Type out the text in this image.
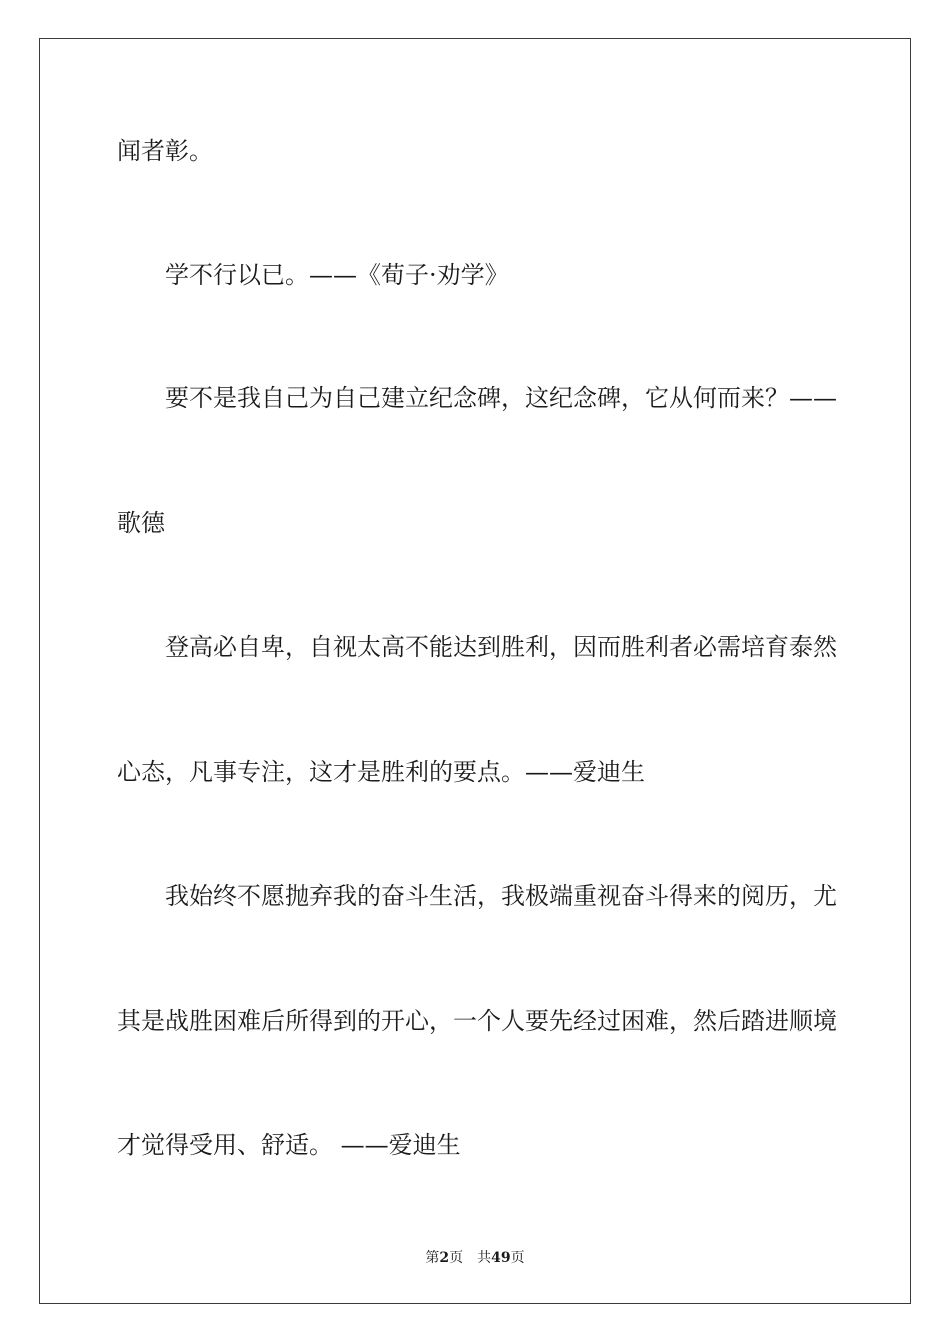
闻者彰。
学不行以已。——《荀子·劝学》
要不是我自己为自己建立纪念碑，这纪念碑，它从何而来？——
歌德
登高必自卑，自视太高不能达到胜利，因而胜利者必需培育泰然
心态，凡事专注，这才是胜利的要点。——爱迪生
我始终不愿抛弃我的奋斗生活，我极端重视奋斗得来的阅历，尤
其是战胜困难后所得到的开心，一个人要先经过困难，然后踏进顺境
才觉得受用、舒适。 ——爱迪生
第2页 共49页
